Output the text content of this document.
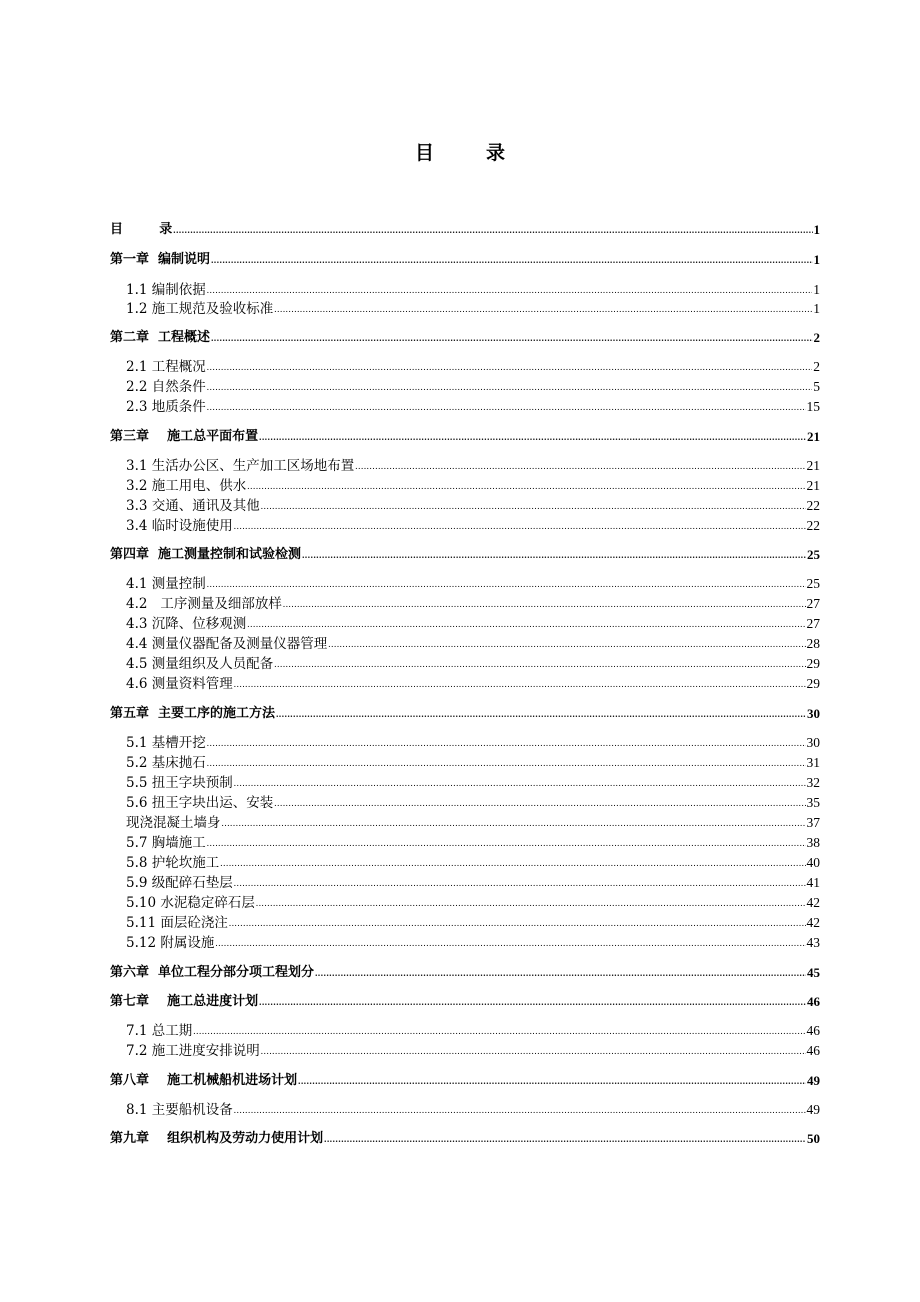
目	录
目        录 .....	1
第一章  编制说明 .....	1
1.1 编制依据 .....	1
1.2 施工规范及验收标准 .....	1
第二章  工程概述 .....	2
2.1 工程概况 .....	2
2.2 自然条件 .....	5
2.3 地质条件 .....	15
第三章    施工总平面布置 .....	21
3.1 生活办公区、生产加工区场地布置 .....	21
3.2 施工用电、供水 .....	21
3.3 交通、通讯及其他 .....	22
3.4 临时设施使用 .....	22
第四章  施工测量控制和试验检测 .....	25
4.1 测量控制 .....	25
4.2   工序测量及细部放样 .....	27
4.3 沉降、位移观测 .....	27
4.4 测量仪器配备及测量仪器管理 .....	28
4.5 测量组织及人员配备 .....	29
4.6 测量资料管理 .....	29
第五章  主要工序的施工方法 .....	30
5.1 基槽开挖 .....	30
5.2 基床抛石 .....	31
5.5 扭王字块预制 .....	32
5.6 扭王字块出运、安装 .....	35
现浇混凝土墙身 .....	37
5.7 胸墙施工 .....	38
5.8 护轮坎施工 .....	40
5.9 级配碎石垫层 .....	41
5.10 水泥稳定碎石层 .....	42
5.11 面层砼浇注 .....	42
5.12 附属设施 .....	43
第六章  单位工程分部分项工程划分 .....	45
第七章    施工总进度计划 .....	46
7.1 总工期 .....	46
7.2 施工进度安排说明 .....	46
第八章    施工机械船机进场计划 .....	49
8.1 主要船机设备 .....	49
第九章    组织机构及劳动力使用计划 .....	50
